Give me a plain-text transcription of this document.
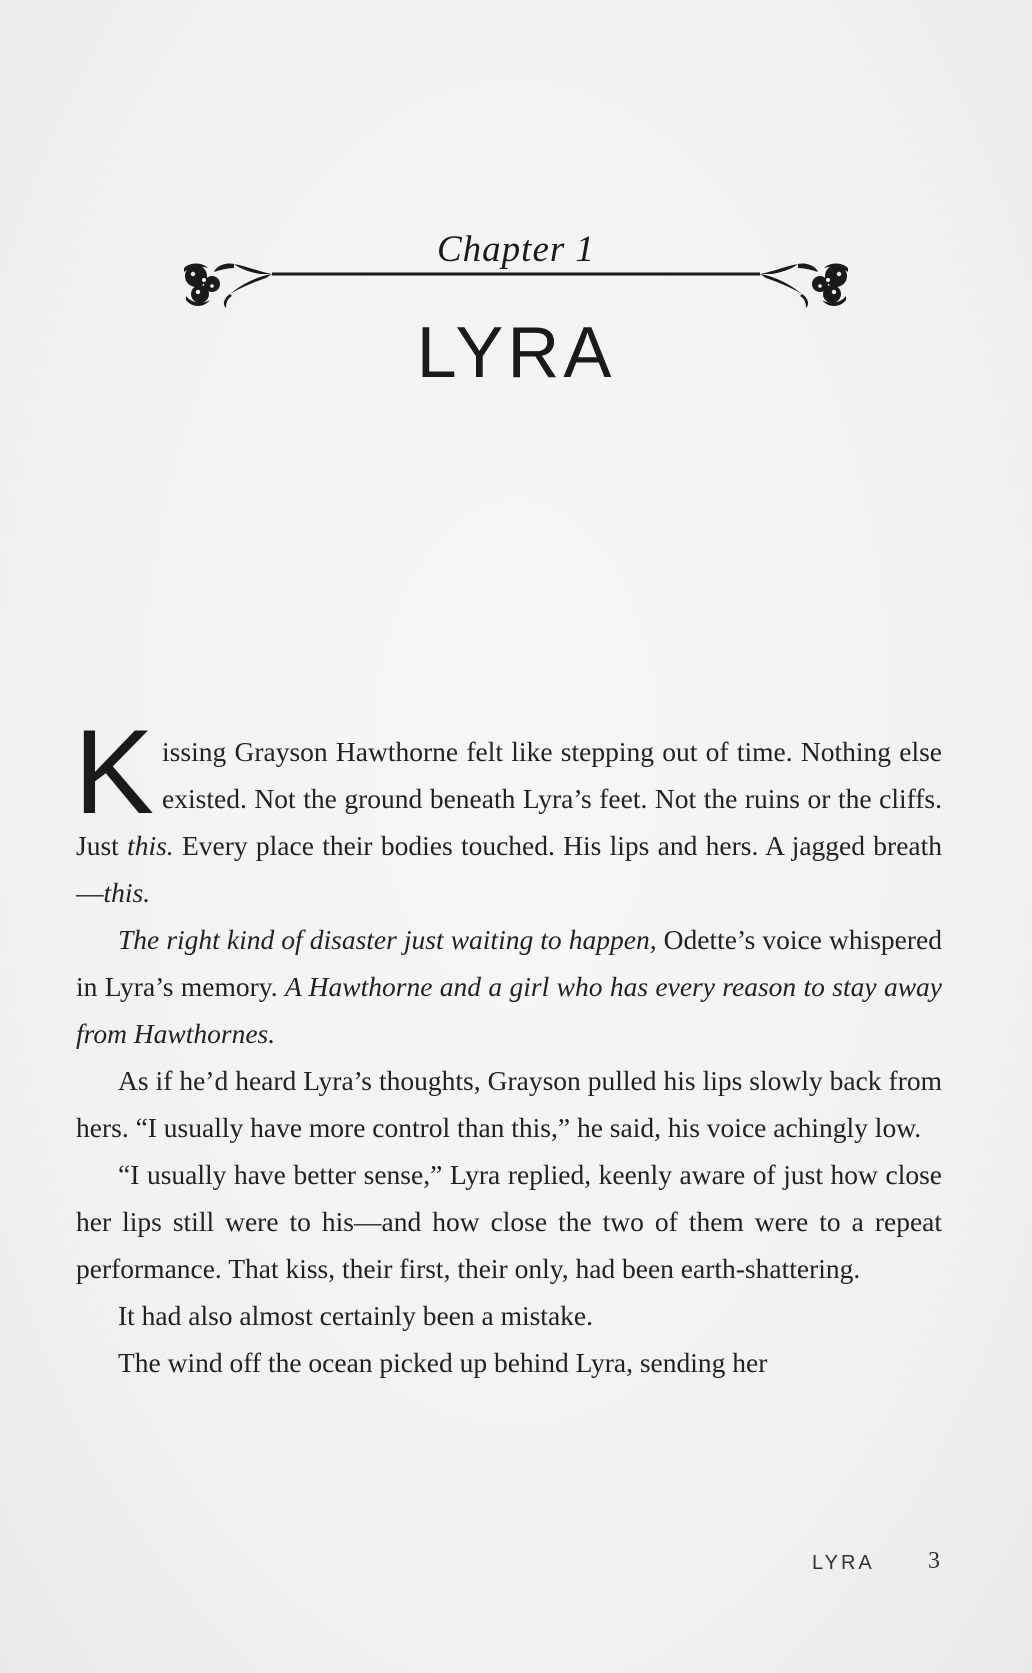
Chapter 1
LYRA

Kissing Grayson Hawthorne felt like stepping out of time. Nothing else existed. Not the ground beneath Lyra’s feet. Not the ruins or the cliffs. Just this. Every place their bodies touched. His lips and hers. A jagged breath—this.

The right kind of disaster just waiting to happen, Odette’s voice whispered in Lyra’s memory. A Hawthorne and a girl who has every reason to stay away from Hawthornes.

As if he’d heard Lyra’s thoughts, Grayson pulled his lips slowly back from hers. “I usually have more control than this,” he said, his voice achingly low.

“I usually have better sense,” Lyra replied, keenly aware of just how close her lips still were to his—and how close the two of them were to a repeat performance. That kiss, their first, their only, had been earth-shattering.

It had also almost certainly been a mistake.

The wind off the ocean picked up behind Lyra, sending her

LYRA 3
